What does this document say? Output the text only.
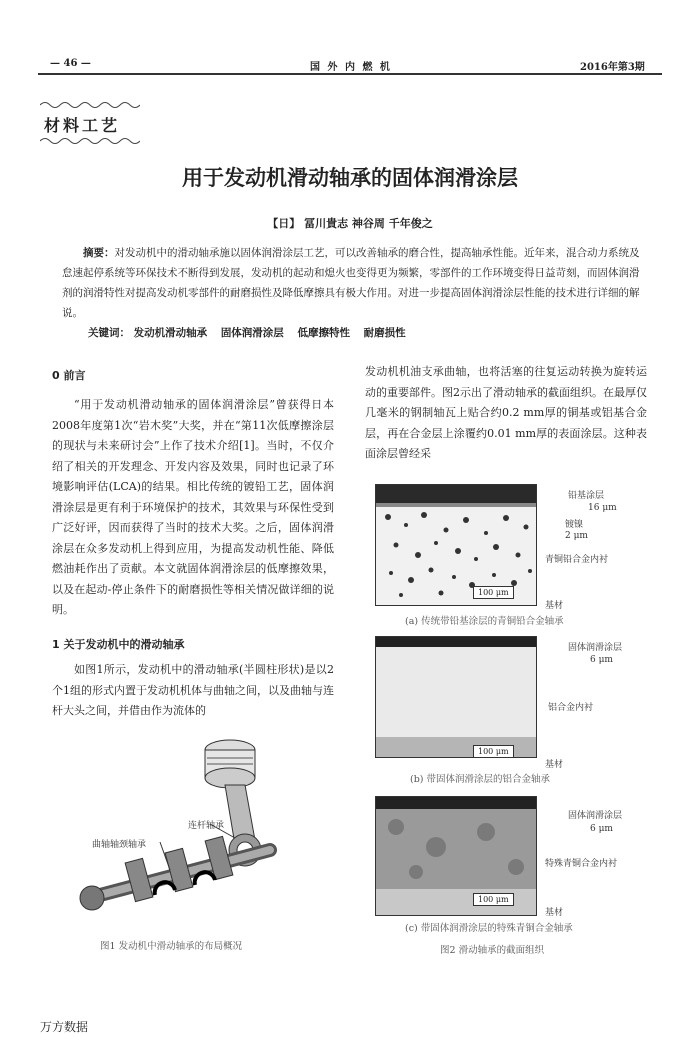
— 46 —	国 外 内 燃 机	2016年第3期
材料工艺
用于发动机滑动轴承的固体润滑涂层
【日】 冨川貴志 神谷周 千年俊之
摘要：对发动机中的滑动轴承施以固体润滑涂层工艺，可以改善轴承的磨合性，提高轴承性能。近年来，混合动力系统及怠速起停系统等环保技术不断得到发展，发动机的起动和熄火也变得更为频繁，零部件的工作环境变得日益苛刻，而固体润滑剂的润滑特性对提高发动机零部件的耐磨损性及降低摩擦具有极大作用。对进一步提高固体润滑涂层性能的技术进行详细的解说。
关键词： 发动机滑动轴承 固体润滑涂层 低摩擦特性 耐磨损性
0 前言

“用于发动机滑动轴承的固体润滑涂层”曾获得日本2008年度第1次“岩木奖”大奖，并在“第11次低摩擦涂层的现状与未来研讨会”上作了技术介绍[1]。当时，不仅介绍了相关的开发理念、开发内容及效果，同时也记录了环境影响评估(LCA)的结果。相比传统的镀铅工艺，固体润滑涂层是更有利于环境保护的技术，其效果与环保性受到广泛好评，因而获得了当时的技术大奖。之后，固体润滑涂层在众多发动机上得到应用，为提高发动机性能、降低燃油耗作出了贡献。本文就固体润滑涂层的低摩擦效果，以及在起动-停止条件下的耐磨损性等相关情况做详细的说明。

1 关于发动机中的滑动轴承

如图1所示，发动机中的滑动轴承(半圆柱形状)是以2个1组的形式内置于发动机机体与曲轴之间，以及曲轴与连杆大头之间，并借由作为流体的

连杆轴承
曲轴轴颈轴承
图1 发动机中滑动轴承的布局概况

发动机机油支承曲轴，也将活塞的往复运动转换为旋转运动的重要部件。图2示出了滑动轴承的截面组织。在最厚仅几毫米的钢制轴瓦上贴合约0.2 mm厚的铜基或铝基合金层，再在合金层上涂覆约0.01 mm厚的表面涂层。这种表面涂层曾经采

100 μm
铅基涂层
16 μm
镀镍
2 μm
青铜铅合金内衬
基材
(a) 传统带铅基涂层的青铜铅合金轴承
100 μm
固体润滑涂层
6 μm
铝合金内衬
基材
(b) 带固体润滑涂层的铝合金轴承
100 μm
固体润滑涂层
6 μm
特殊青铜合金内衬
基材
(c) 带固体润滑涂层的特殊青铜合金轴承
图2 滑动轴承的截面组织
万方数据
